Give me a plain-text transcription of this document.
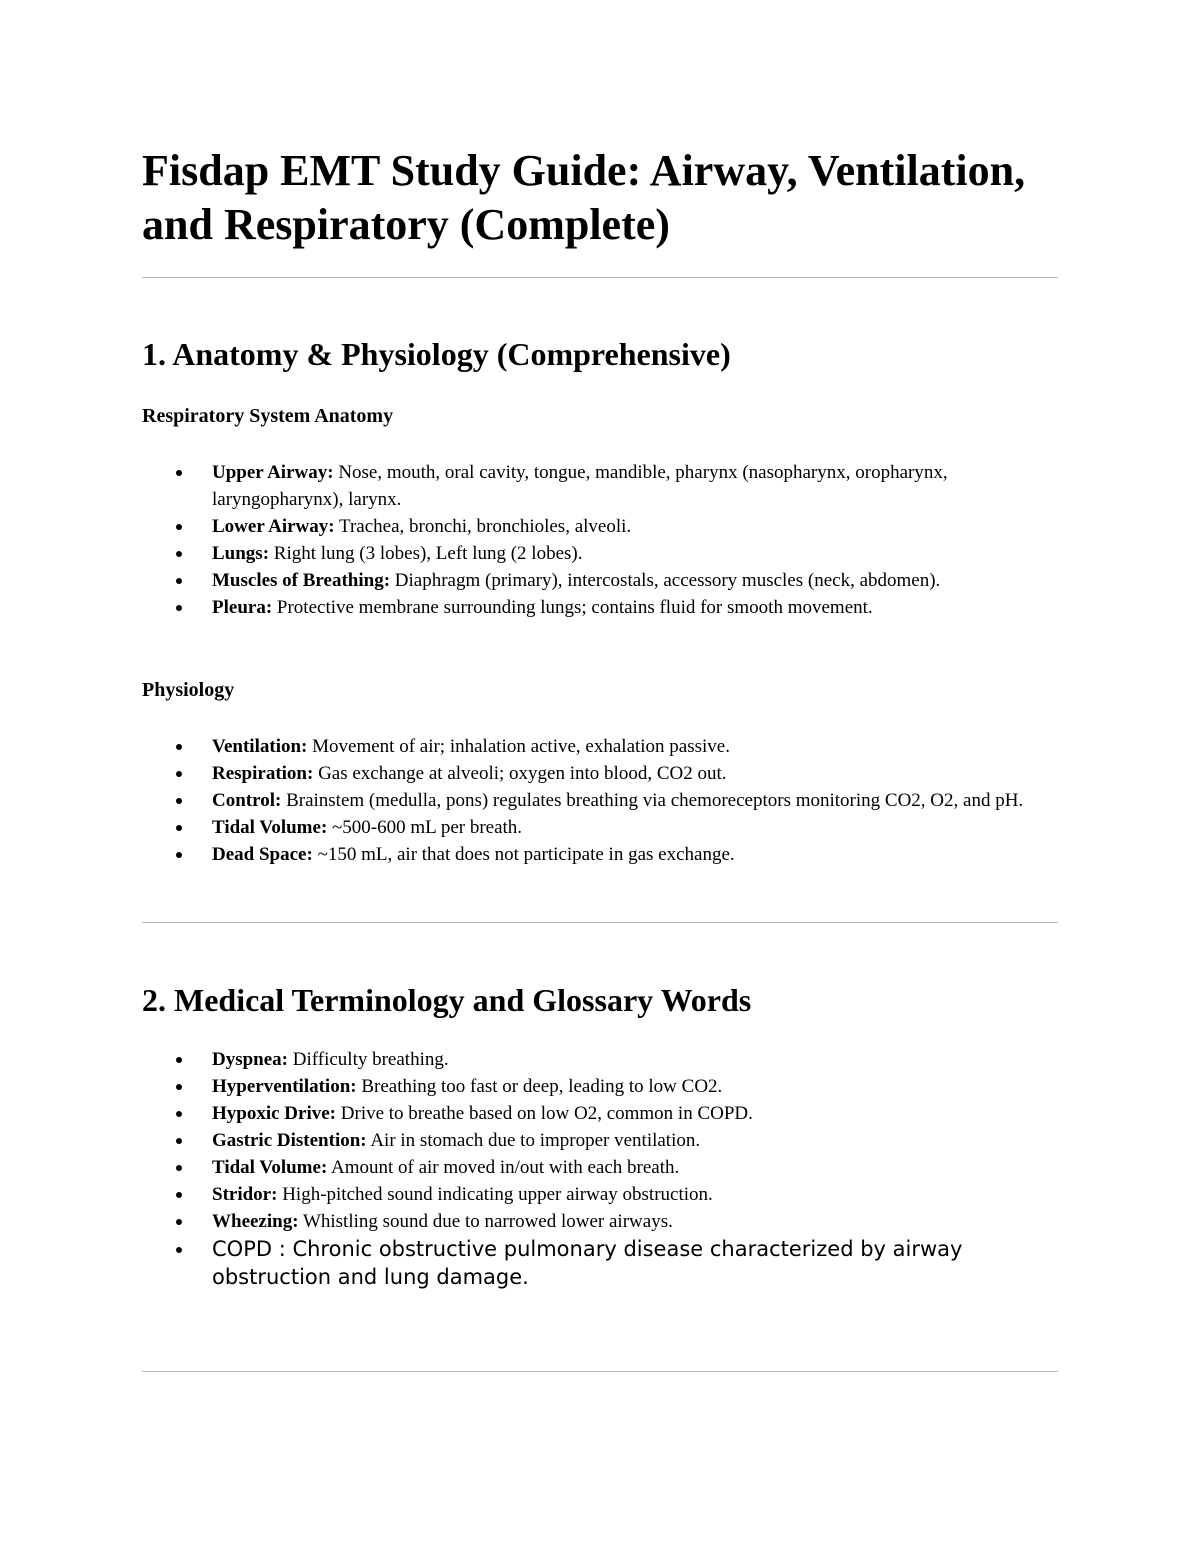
Fisdap EMT Study Guide: Airway, Ventilation, and Respiratory (Complete)
1. Anatomy & Physiology (Comprehensive)
Respiratory System Anatomy
Upper Airway: Nose, mouth, oral cavity, tongue, mandible, pharynx (nasopharynx, oropharynx, laryngopharynx), larynx.
Lower Airway: Trachea, bronchi, bronchioles, alveoli.
Lungs: Right lung (3 lobes), Left lung (2 lobes).
Muscles of Breathing: Diaphragm (primary), intercostals, accessory muscles (neck, abdomen).
Pleura: Protective membrane surrounding lungs; contains fluid for smooth movement.
Physiology
Ventilation: Movement of air; inhalation active, exhalation passive.
Respiration: Gas exchange at alveoli; oxygen into blood, CO2 out.
Control: Brainstem (medulla, pons) regulates breathing via chemoreceptors monitoring CO2, O2, and pH.
Tidal Volume: ~500-600 mL per breath.
Dead Space: ~150 mL, air that does not participate in gas exchange.
2. Medical Terminology and Glossary Words
Dyspnea: Difficulty breathing.
Hyperventilation: Breathing too fast or deep, leading to low CO2.
Hypoxic Drive: Drive to breathe based on low O2, common in COPD.
Gastric Distention: Air in stomach due to improper ventilation.
Tidal Volume: Amount of air moved in/out with each breath.
Stridor: High-pitched sound indicating upper airway obstruction.
Wheezing: Whistling sound due to narrowed lower airways.
COPD : Chronic obstructive pulmonary disease characterized by airway obstruction and lung damage.
